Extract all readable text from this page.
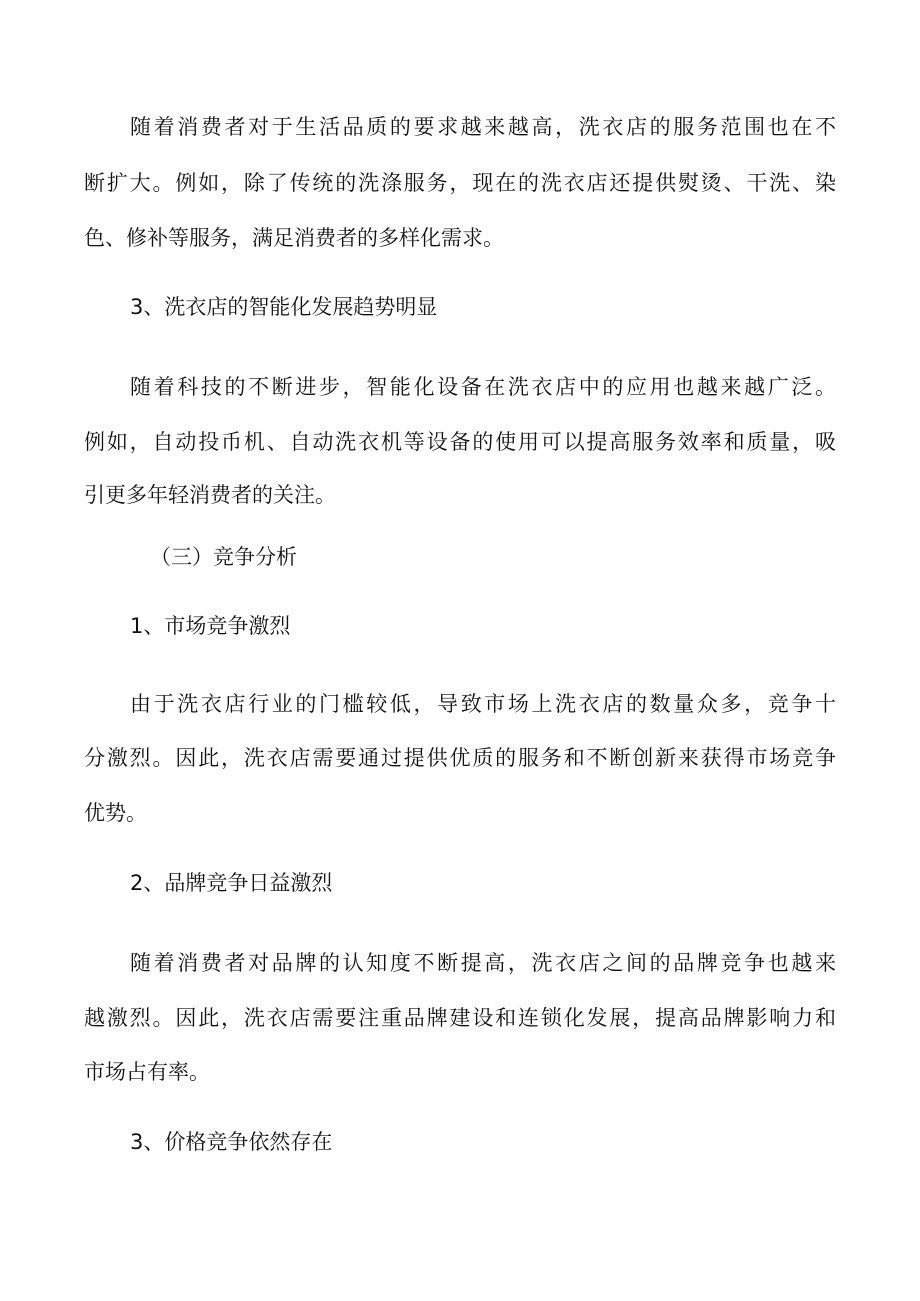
随着消费者对于生活品质的要求越来越高，洗衣店的服务范围也在不
断扩大。例如，除了传统的洗涤服务，现在的洗衣店还提供熨烫、干洗、染
色、修补等服务，满足消费者的多样化需求。
3、洗衣店的智能化发展趋势明显
随着科技的不断进步，智能化设备在洗衣店中的应用也越来越广泛。
例如，自动投币机、自动洗衣机等设备的使用可以提高服务效率和质量，吸
引更多年轻消费者的关注。
（三）竞争分析
1、市场竞争激烈
由于洗衣店行业的门槛较低，导致市场上洗衣店的数量众多，竞争十
分激烈。因此，洗衣店需要通过提供优质的服务和不断创新来获得市场竞争
优势。
2、品牌竞争日益激烈
随着消费者对品牌的认知度不断提高，洗衣店之间的品牌竞争也越来
越激烈。因此，洗衣店需要注重品牌建设和连锁化发展，提高品牌影响力和
市场占有率。
3、价格竞争依然存在
